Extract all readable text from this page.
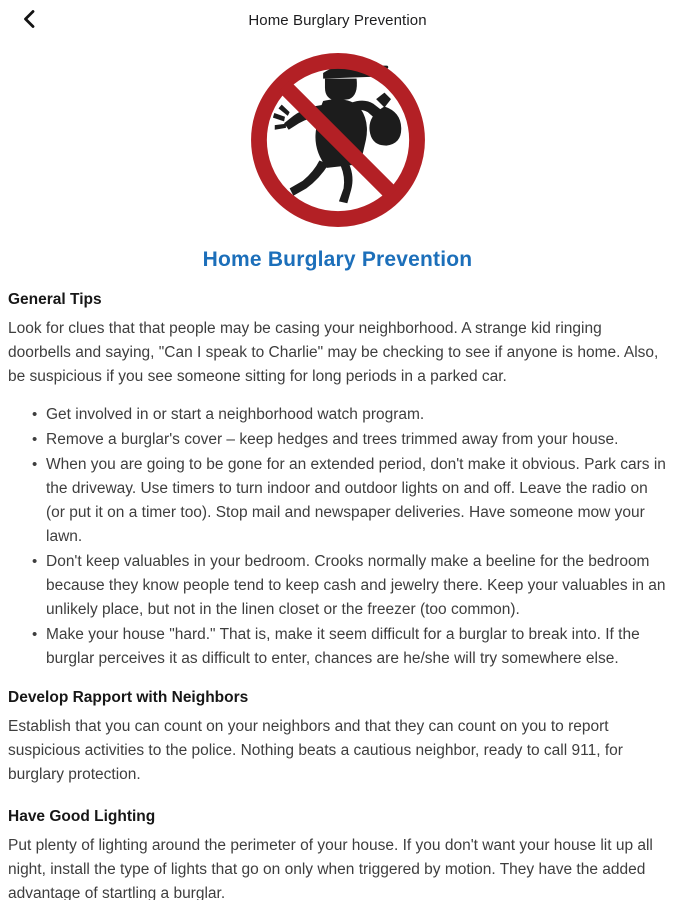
Home Burglary Prevention
Home Burglary Prevention
General Tips

Look for clues that that people may be casing your neighborhood. A strange kid ringing doorbells and saying, "Can I speak to Charlie" may be checking to see if anyone is home. Also, be suspicious if you see someone sitting for long periods in a parked car.

• Get involved in or start a neighborhood watch program.
• Remove a burglar's cover – keep hedges and trees trimmed away from your house.
• When you are going to be gone for an extended period, don't make it obvious. Park cars in the driveway. Use timers to turn indoor and outdoor lights on and off. Leave the radio on (or put it on a timer too). Stop mail and newspaper deliveries. Have someone mow your lawn.
• Don't keep valuables in your bedroom. Crooks normally make a beeline for the bedroom because they know people tend to keep cash and jewelry there. Keep your valuables in an unlikely place, but not in the linen closet or the freezer (too common).
• Make your house "hard." That is, make it seem difficult for a burglar to break into. If the burglar perceives it as difficult to enter, chances are he/she will try somewhere else.
Develop Rapport with Neighbors

Establish that you can count on your neighbors and that they can count on you to report suspicious activities to the police. Nothing beats a cautious neighbor, ready to call 911, for burglary protection.

Have Good Lighting

Put plenty of lighting around the perimeter of your house. If you don't want your house lit up all night, install the type of lights that go on only when triggered by motion. They have the added advantage of startling a burglar.
